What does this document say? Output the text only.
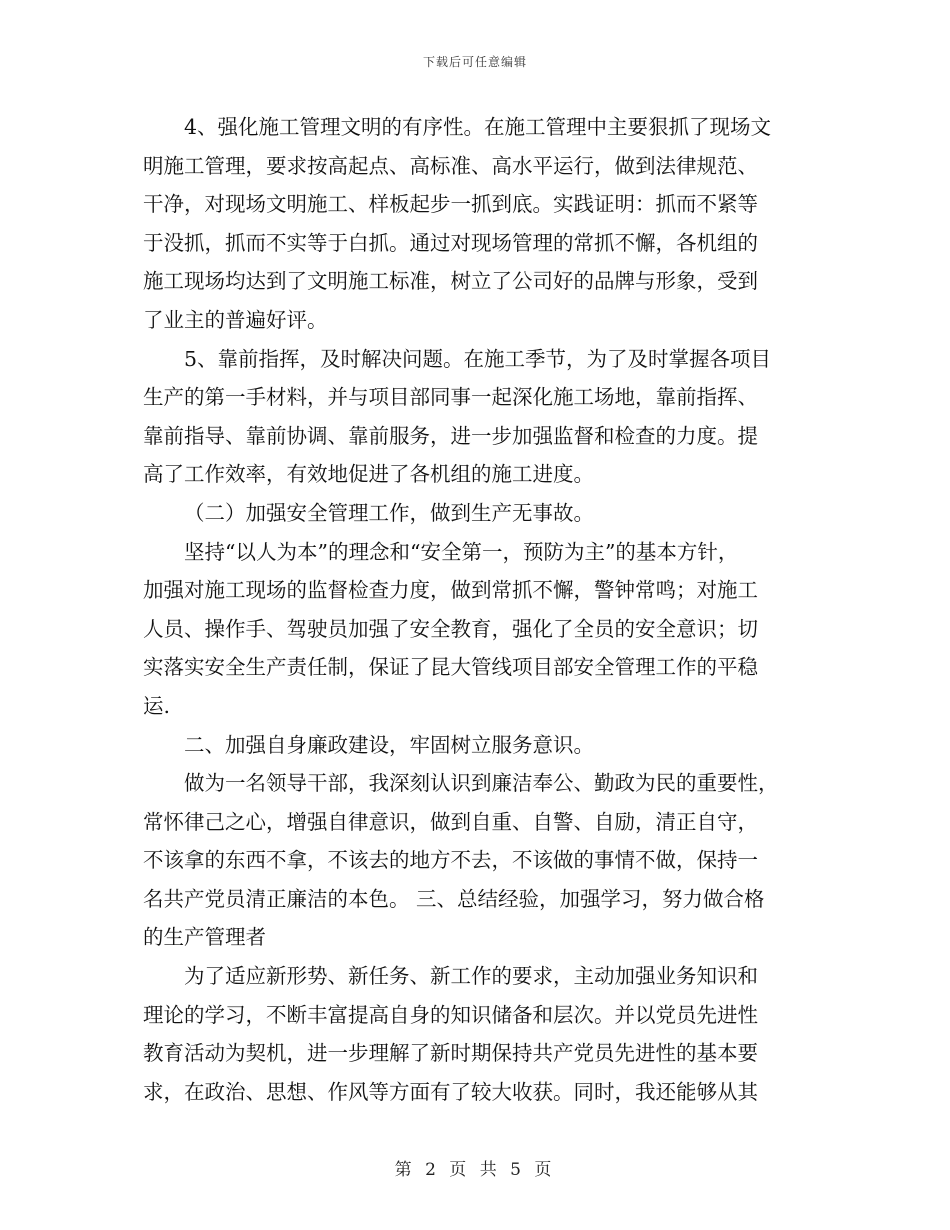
下载后可任意编辑

4、强化施工管理文明的有序性。在施工管理中主要狠抓了现场文

明施工管理，要求按高起点、高标准、高水平运行，做到法律规范、

干净，对现场文明施工、样板起步一抓到底。实践证明：抓而不紧等

于没抓，抓而不实等于白抓。通过对现场管理的常抓不懈，各机组的

施工现场均达到了文明施工标准，树立了公司好的品牌与形象，受到

了业主的普遍好评。

5、靠前指挥，及时解决问题。在施工季节，为了及时掌握各项目

生产的第一手材料，并与项目部同事一起深化施工场地，靠前指挥、

靠前指导、靠前协调、靠前服务，进一步加强监督和检查的力度。提

高了工作效率，有效地促进了各机组的施工进度。

（二）加强安全管理工作，做到生产无事故。

坚持“以人为本”的理念和“安全第一，预防为主”的基本方针，

加强对施工现场的监督检查力度，做到常抓不懈，警钟常鸣；对施工

人员、操作手、驾驶员加强了安全教育，强化了全员的安全意识；切

实落实安全生产责任制，保证了昆大管线项目部安全管理工作的平稳

运.

二、加强自身廉政建设，牢固树立服务意识。

做为一名领导干部，我深刻认识到廉洁奉公、勤政为民的重要性，

常怀律己之心，增强自律意识，做到自重、自警、自励，清正自守，

不该拿的东西不拿，不该去的地方不去，不该做的事情不做，保持一

名共产党员清正廉洁的本色。 三、总结经验，加强学习，努力做合格

的生产管理者

为了适应新形势、新任务、新工作的要求，主动加强业务知识和

理论的学习，不断丰富提高自身的知识储备和层次。并以党员先进性

教育活动为契机，进一步理解了新时期保持共产党员先进性的基本要

求，在政治、思想、作风等方面有了较大收获。同时，我还能够从其

第 2 页 共 5 页
